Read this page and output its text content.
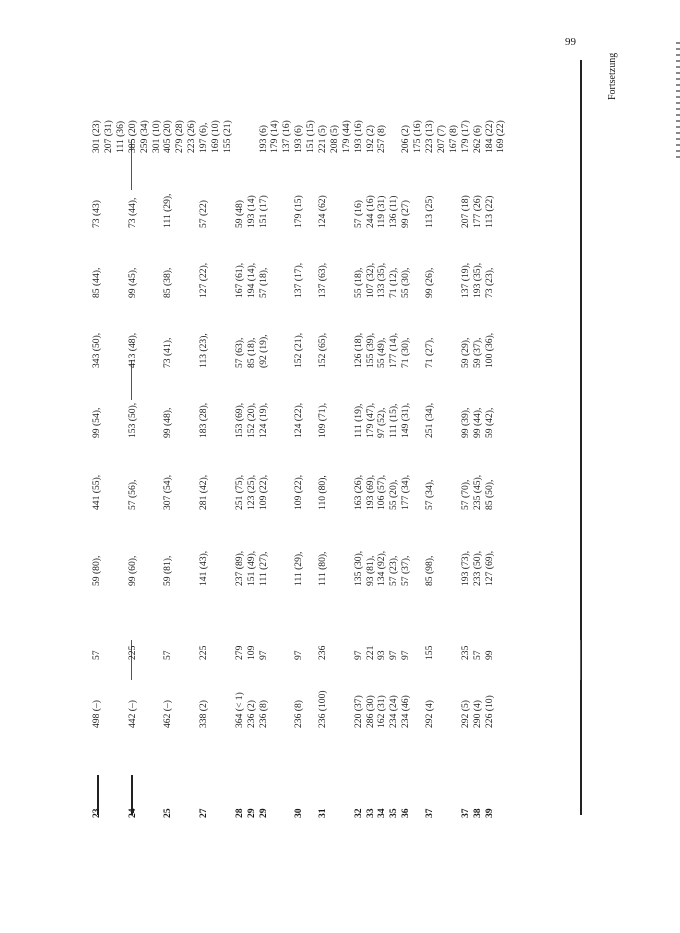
99
Fortsetzung
23
498 (–)
57
59 (80),
441 (55),
99 (54),
343 (50),
85 (44),
73 (43)
301 (23) 207 (31) 111 (36)
24
442 (–)
225
99 (60),
57 (56),
153 (50),
413 (48),
99 (45),
73 (44),
385 (20) 259 (34) 301 (10)
25
462 (–)
57
59 (81),
307 (54),
99 (48),
73 (41),
85 (38),
111 (29),
405 (20) 279 (28) 223 (26)
27
338 (2)
225
141 (43),
281 (42),
183 (28),
113 (23),
127 (22),
57 (22)
197 (6), 169 (10) 155 (21)
28
364 (< 1)
279
237 (89),
251 (75),
153 (69),
57 (63),
167 (61),
59 (48)
29
236 (2)
109
151 (49),
123 (25),
152 (20),
85 (18),
194 (14),
193 (14)
29
236 (8)
97
111 (27),
109 (22),
124 (19),
(92 (19),
57 (18),
151 (17)
193 (6) 179 (14) 137 (16)
30
236 (8)
97
111 (29),
109 (22),
124 (22),
152 (21),
137 (17),
179 (15)
193 (6) 151 (15)
31
236 (100)
236
111 (80),
110 (80),
109 (71),
152 (65),
137 (63),
124 (62)
221 (5) 208 (5) 179 (44)
32
220 (37)
97
135 (30),
163 (26),
111 (19),
126 (18),
55 (18),
57 (16)
193 (16)
33
286 (30)
221
93 (81),
193 (69),
179 (47),
155 (39),
107 (32),
244 (16)
192 (2)
34
162 (31)
93
134 (92),
106 (57),
97 (52),
55 (49),
133 (35),
119 (31)
257 (8)
35
234 (24)
97
57 (23),
55 (20),
111 (15),
177 (14),
71 (12),
136 (11)
36
234 (46)
97
57 (37),
177 (34),
149 (31),
71 (30),
55 (30),
99 (27)
206 (2) 175 (16)
37
292 (4)
155
85 (98),
57 (34),
251 (34),
71 (27),
99 (26),
113 (25)
223 (13) 207 (7) 167 (8)
37
292 (5)
235
193 (73),
57 (70),
99 (39),
59 (29),
137 (19),
207 (18)
179 (17)
38
290 (4)
57
233 (50),
235 (45),
99 (44),
59 (37),
193 (35),
177 (26)
262 (6)
39
226 (10)
99
127 (69),
85 (50),
59 (42),
100 (36),
73 (23),
113 (22)
184 (22) 169 (22)
